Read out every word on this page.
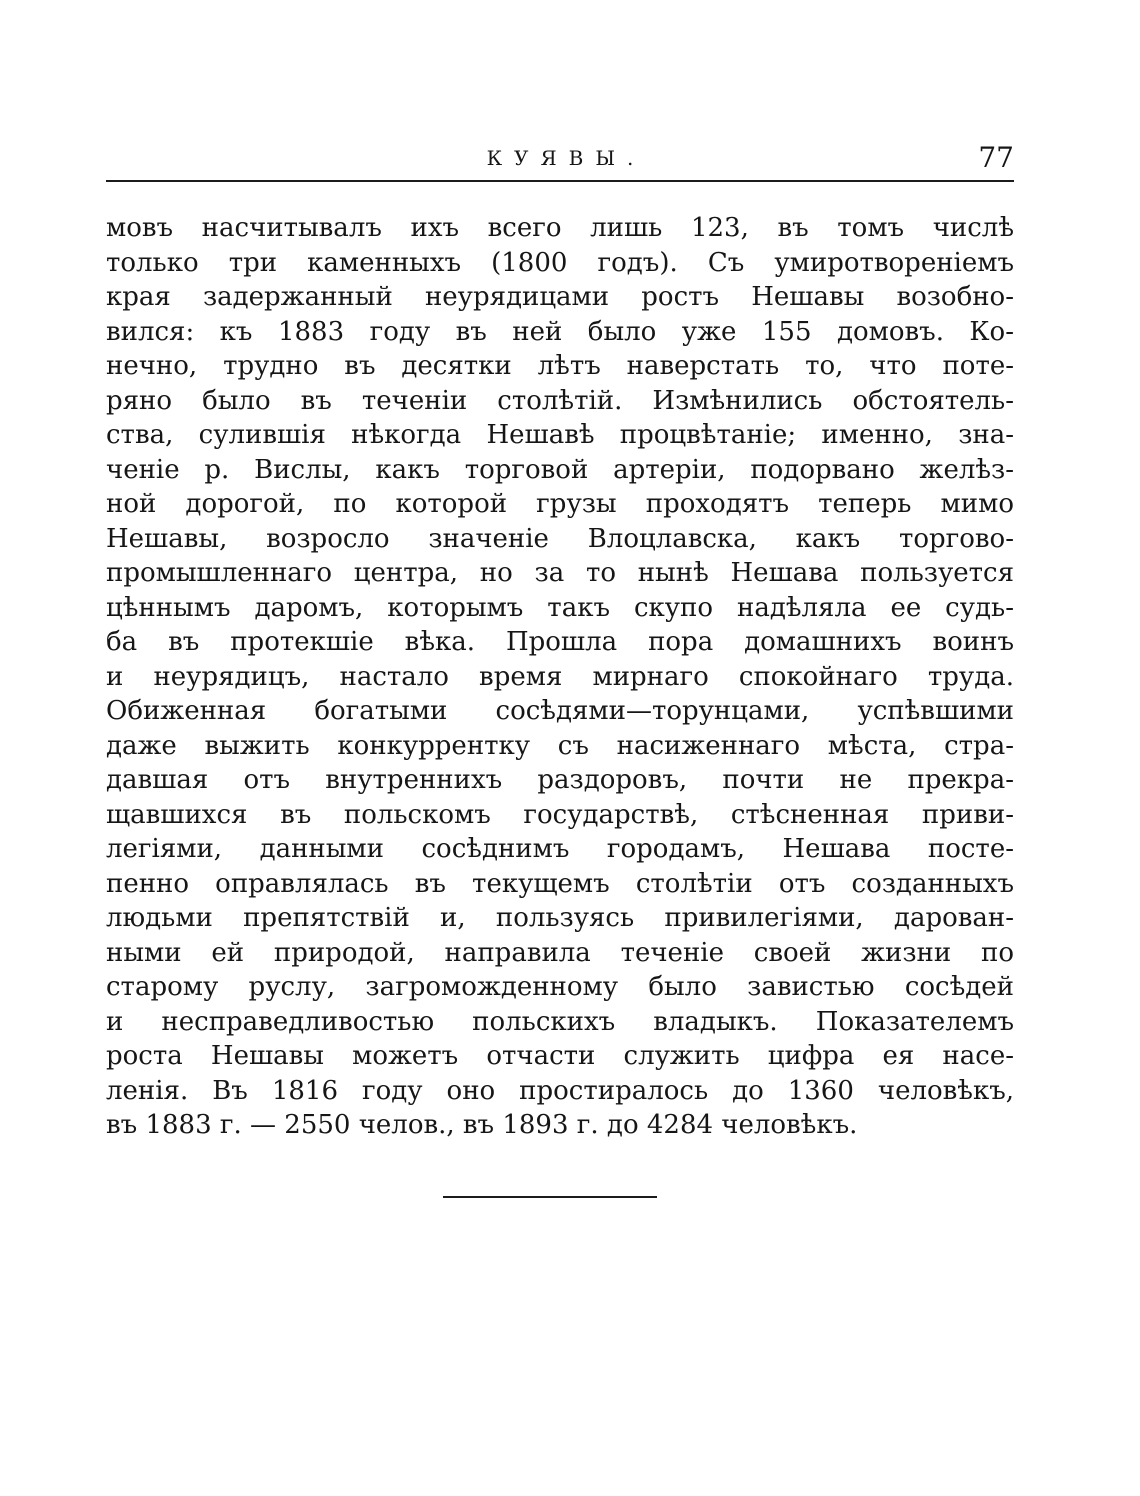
КУЯВЫ.	77
мовъ насчитывалъ ихъ всего лишь 123, въ томъ числѣ
только три каменныхъ (1800 годъ). Съ умиротворенiемъ
края задержанный неурядицами ростъ Нешавы возобно-
вился: къ 1883 году въ ней было уже 155 домовъ. Ко-
нечно, трудно въ десятки лѣтъ наверстать то, что поте-
ряно было въ теченiи столѣтiй. Измѣнились обстоятель-
ства, сулившiя нѣкогда Нешавѣ процвѣтанiе; именно, зна-
ченiе р. Вислы, какъ торговой артерiи, подорвано желѣз-
ной дорогой, по которой грузы проходятъ теперь мимо
Нешавы, возросло значенiе Влоцлавска, какъ торгово-
промышленнаго центра, но за то нынѣ Нешава пользуется
цѣннымъ даромъ, которымъ такъ скупо надѣляла ее судь-
ба въ протекшiе вѣка. Прошла пора домашнихъ воинъ
и неурядицъ, настало время мирнаго спокойнаго труда.
Обиженная богатыми сосѣдями—торунцами, успѣвшими
даже выжить конкуррентку съ насиженнаго мѣста, стра-
давшая отъ внутреннихъ раздоровъ, почти не прекра-
щавшихся въ польскомъ государствѣ, стѣсненная приви-
легiями, данными сосѣднимъ городамъ, Нешава посте-
пенно оправлялась въ текущемъ столѣтiи отъ созданныхъ
людьми препятствiй и, пользуясь привилегiями, дарован-
ными ей природой, направила теченiе своей жизни по
старому руслу, загроможденному было завистью сосѣдей
и несправедливостью польскихъ владыкъ. Показателемъ
роста Нешавы можетъ отчасти служить цифра ея насе-
ленiя. Въ 1816 году оно простиралось до 1360 человѣкъ,
въ 1883 г. — 2550 челов., въ 1893 г. до 4284 человѣкъ.
